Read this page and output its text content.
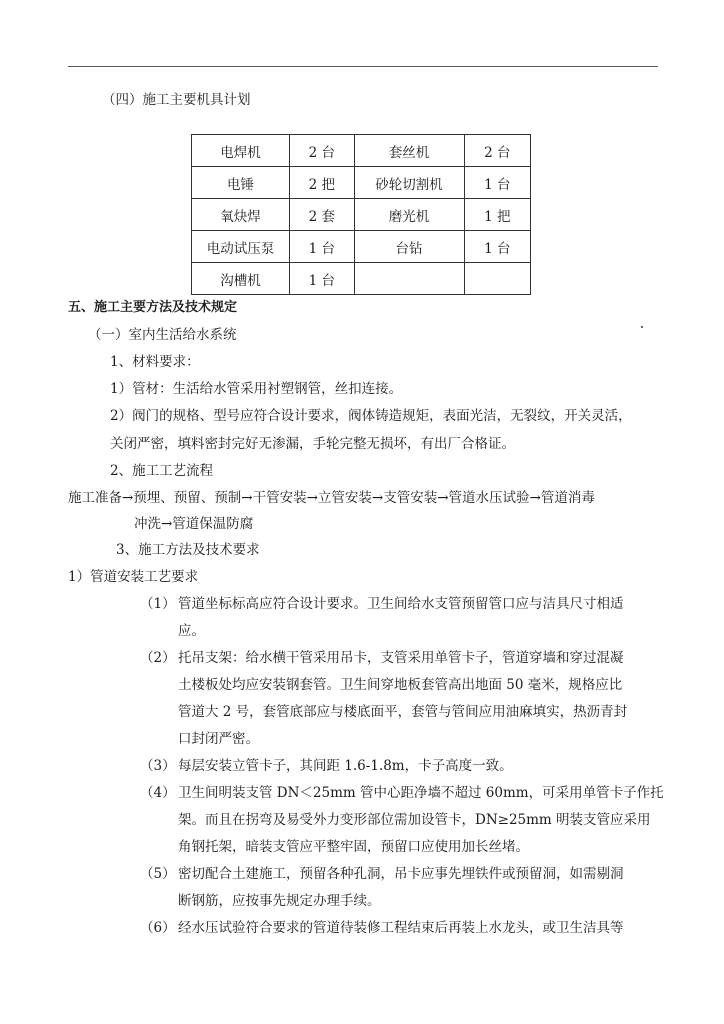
（四）施工主要机具计划
电焊机	2 台	套丝机	2 台
电锤	2 把	砂轮切割机	1 台
氧炔焊	2 套	磨光机	1 把
电动试压泵	1 台	台钻	1 台
沟槽机	1 台		
五、施工主要方法及技术规定
（一）室内生活给水系统
1、材料要求：
1）管材：生活给水管采用衬塑钢管，丝扣连接。
2）阀门的规格、型号应符合设计要求，阀体铸造规矩，表面光洁，无裂纹，开关灵活，
关闭严密，填料密封完好无渗漏，手轮完整无损坏，有出厂合格证。
2、施工工艺流程
施工准备→预埋、预留、预制→干管安装→立管安装→支管安装→管道水压试验→管道消毒
冲洗→管道保温防腐
3、施工方法及技术要求
1）管道安装工艺要求
（1） 管道坐标标高应符合设计要求。卫生间给水支管预留管口应与洁具尺寸相适
应。
（2） 托吊支架：给水横干管采用吊卡，支管采用单管卡子，管道穿墙和穿过混凝
土楼板处均应安装钢套管。卫生间穿地板套管高出地面 50 毫米，规格应比
管道大 2 号，套管底部应与楼底面平，套管与管间应用油麻填实，热沥青封
口封闭严密。
（3） 每层安装立管卡子，其间距 1.6-1.8m，卡子高度一致。
（4） 卫生间明装支管 DN＜25mm 管中心距净墙不超过 60mm，可采用单管卡子作托
架。而且在拐弯及易受外力变形部位需加设管卡，DN≥25mm 明装支管应采用
角钢托架，暗装支管应平整牢固，预留口应使用加长丝堵。
（5） 密切配合土建施工，预留各种孔洞，吊卡应事先埋铁件或预留洞，如需剔洞
断钢筋，应按事先规定办理手续。
（6） 经水压试验符合要求的管道待装修工程结束后再装上水龙头，或卫生洁具等
